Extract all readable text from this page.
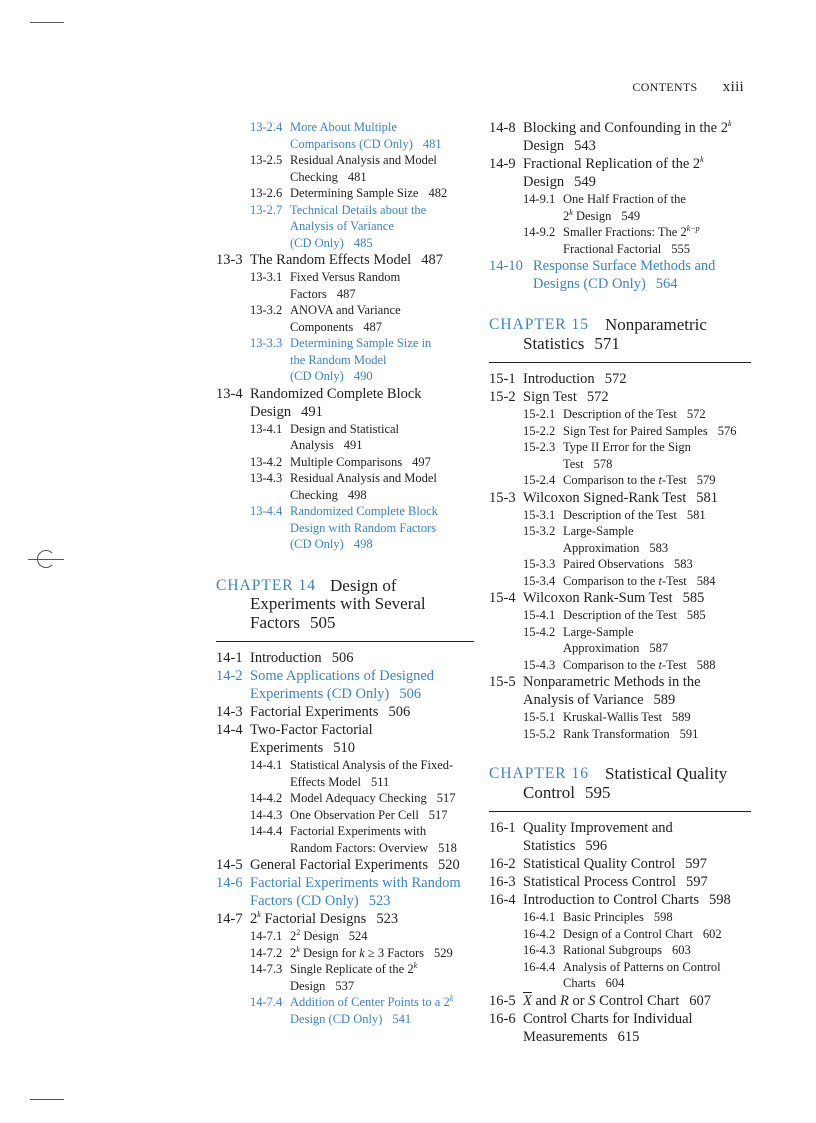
CONTENTS xiii
13-2.4 More About Multiple
Comparisons (CD Only) 481
13-2.5 Residual Analysis and Model
Checking 481
13-2.6 Determining Sample Size 482
13-2.7 Technical Details about the
Analysis of Variance
(CD Only) 485
13-3 The Random Effects Model 487
13-3.1 Fixed Versus Random
Factors 487
13-3.2 ANOVA and Variance
Components 487
13-3.3 Determining Sample Size in
the Random Model
(CD Only) 490
13-4 Randomized Complete Block
Design 491
13-4.1 Design and Statistical
Analysis 491
13-4.2 Multiple Comparisons 497
13-4.3 Residual Analysis and Model
Checking 498
13-4.4 Randomized Complete Block
Design with Random Factors
(CD Only) 498
CHAPTER 14 Design of
Experiments with Several
Factors 505
14-1 Introduction 506
14-2 Some Applications of Designed
Experiments (CD Only) 506
14-3 Factorial Experiments 506
14-4 Two-Factor Factorial
Experiments 510
14-4.1 Statistical Analysis of the Fixed-
Effects Model 511
14-4.2 Model Adequacy Checking 517
14-4.3 One Observation Per Cell 517
14-4.4 Factorial Experiments with
Random Factors: Overview 518
14-5 General Factorial Experiments 520
14-6 Factorial Experiments with Random
Factors (CD Only) 523
14-7 2$^k$ Factorial Designs 523
14-7.1 $2^2$ Design 524
14-7.2 2$^k$ Design for k ≥ 3 Factors 529
14-7.3 Single Replicate of the 2$^k$
Design 537
14-7.4 Addition of Center Points to a 2$^k$
Design (CD Only) 541
14-8 Blocking and Confounding in the 2$^k$
Design 543
14-9 Fractional Replication of the 2$^k$
Design 549
14-9.1 One Half Fraction of the
2$^k$ Design 549
14-9.2 Smaller Fractions: The $2^{k-p}$
Fractional Factorial 555
14-10 Response Surface Methods and
Designs (CD Only) 564
CHAPTER 15 Nonparametric
Statistics 571
15-1 Introduction 572
15-2 Sign Test 572
15-2.1 Description of the Test 572
15-2.2 Sign Test for Paired Samples 576
15-2.3 Type II Error for the Sign
Test 578
15-2.4 Comparison to the t-Test 579
15-3 Wilcoxon Signed-Rank Test 581
15-3.1 Description of the Test 581
15-3.2 Large-Sample
Approximation 583
15-3.3 Paired Observations 583
15-3.4 Comparison to the t-Test 584
15-4 Wilcoxon Rank-Sum Test 585
15-4.1 Description of the Test 585
15-4.2 Large-Sample
Approximation 587
15-4.3 Comparison to the t-Test 588
15-5 Nonparametric Methods in the
Analysis of Variance 589
15-5.1 Kruskal-Wallis Test 589
15-5.2 Rank Transformation 591
CHAPTER 16 Statistical Quality
Control 595
16-1 Quality Improvement and
Statistics 596
16-2 Statistical Quality Control 597
16-3 Statistical Process Control 597
16-4 Introduction to Control Charts 598
16-4.1 Basic Principles 598
16-4.2 Design of a Control Chart 602
16-4.3 Rational Subgroups 603
16-4.4 Analysis of Patterns on Control
Charts 604
16-5 $\overline{X}$ and R or S Control Chart 607
16-6 Control Charts for Individual
Measurements 615
